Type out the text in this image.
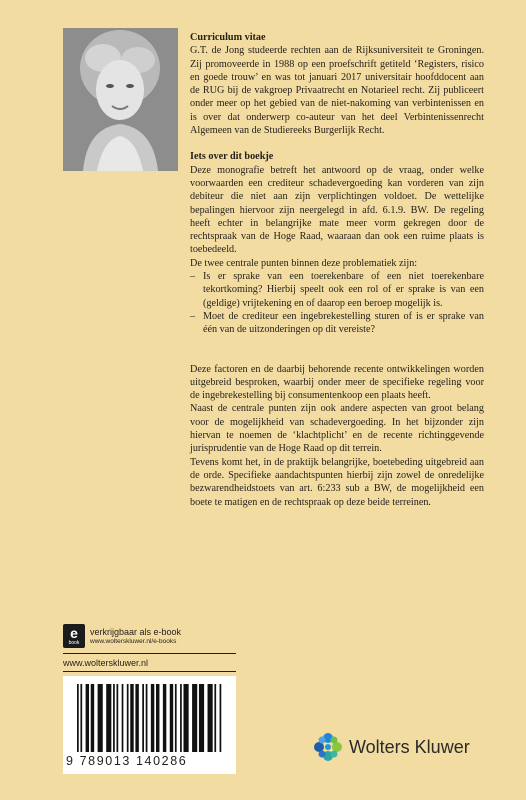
Curriculum vitae

G.T. de Jong studeerde rechten aan de Rijksuniversiteit te Groningen. Zij promoveerde in 1988 op een proefschrift getiteld ‘Registers, risico en goede trouw’ en was tot januari 2017 universitair hoofddocent aan de RUG bij de vakgroep Privaatrecht en Notarieel recht. Zij publiceert onder meer op het gebied van de niet-nakoming van verbintenissen en is over dat onderwerp co-auteur van het deel Verbintenissenrecht Algemeen van de Studiereeks Burgerlijk Recht.

Iets over dit boekje

Deze monografie betreft het antwoord op de vraag, onder welke voorwaarden een crediteur schadevergoeding kan vorderen van zijn debiteur die niet aan zijn verplichtingen voldoet. De wettelijke bepalingen hiervoor zijn neergelegd in afd. 6.1.9. BW. De regeling heeft echter in belangrijke mate meer vorm gekregen door de rechtspraak van de Hoge Raad, waaraan dan ook een ruime plaats is toebedeeld.

De twee centrale punten binnen deze problematiek zijn:

– Is er sprake van een toerekenbare of een niet toerekenbare tekortkoming? Hierbij speelt ook een rol of er sprake is van een (geldige) vrijtekening en of daarop een beroep mogelijk is.
– Moet de crediteur een ingebrekestelling sturen of is er sprake van één van de uitzonderingen op dit vereiste?

Deze factoren en de daarbij behorende recente ontwikkelingen worden uitgebreid besproken, waarbij onder meer de specifieke regeling voor de ingebrekestelling bij consumentenkoop een plaats heeft.

Naast de centrale punten zijn ook andere aspecten van groot belang voor de mogelijkheid van schadevergoeding. In het bijzonder zijn hiervan te noemen de ‘klachtplicht’ en de recente richtinggevende jurisprudentie van de Hoge Raad op dit terrein.

Tevens komt het, in de praktijk belangrijke, boetebeding uitgebreid aan de orde. Specifieke aandachtspunten hierbij zijn zowel de onredelijke bezwarendheidstoets van art. 6:233 sub a BW, de mogelijkheid een boete te matigen en de rechtspraak op deze beide terreinen.

e
book
verkrijgbaar als e-book
www.wolterskluwer.nl/e-books
www.wolterskluwer.nl
9 789013 140286
Wolters Kluwer
